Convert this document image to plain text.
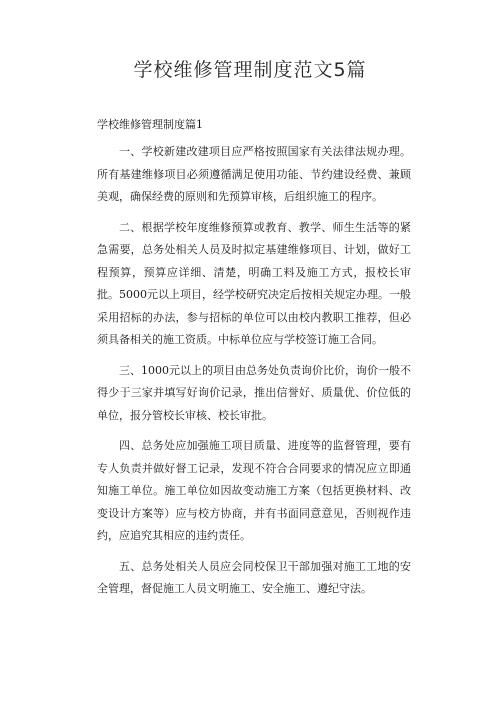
学校维修管理制度范文5篇
学校维修管理制度篇1

一、学校新建改建项目应严格按照国家有关法律法规办理。所有基建维修项目必须遵循满足使用功能、节约建设经费、兼顾美观，确保经费的原则和先预算审核，后组织施工的程序。

二、根据学校年度维修预算或教育、教学、师生生活等的紧急需要，总务处相关人员及时拟定基建维修项目、计划，做好工程预算，预算应详细、清楚，明确工料及施工方式，报校长审批。5000元以上项目，经学校研究决定后按相关规定办理。一般采用招标的办法，参与招标的单位可以由校内教职工推荐，但必须具备相关的施工资质。中标单位应与学校签订施工合同。

三、1000元以上的项目由总务处负责询价比价，询价一般不得少于三家并填写好询价记录，推出信誉好、质量优、价位低的单位，报分管校长审核、校长审批。

四、总务处应加强施工项目质量、进度等的监督管理，要有专人负责并做好督工记录，发现不符合合同要求的情况应立即通知施工单位。施工单位如因故变动施工方案（包括更换材料、改变设计方案等）应与校方协商，并有书面同意意见，否则视作违约，应追究其相应的违约责任。

五、总务处相关人员应会同校保卫干部加强对施工工地的安全管理，督促施工人员文明施工、安全施工、遵纪守法。
